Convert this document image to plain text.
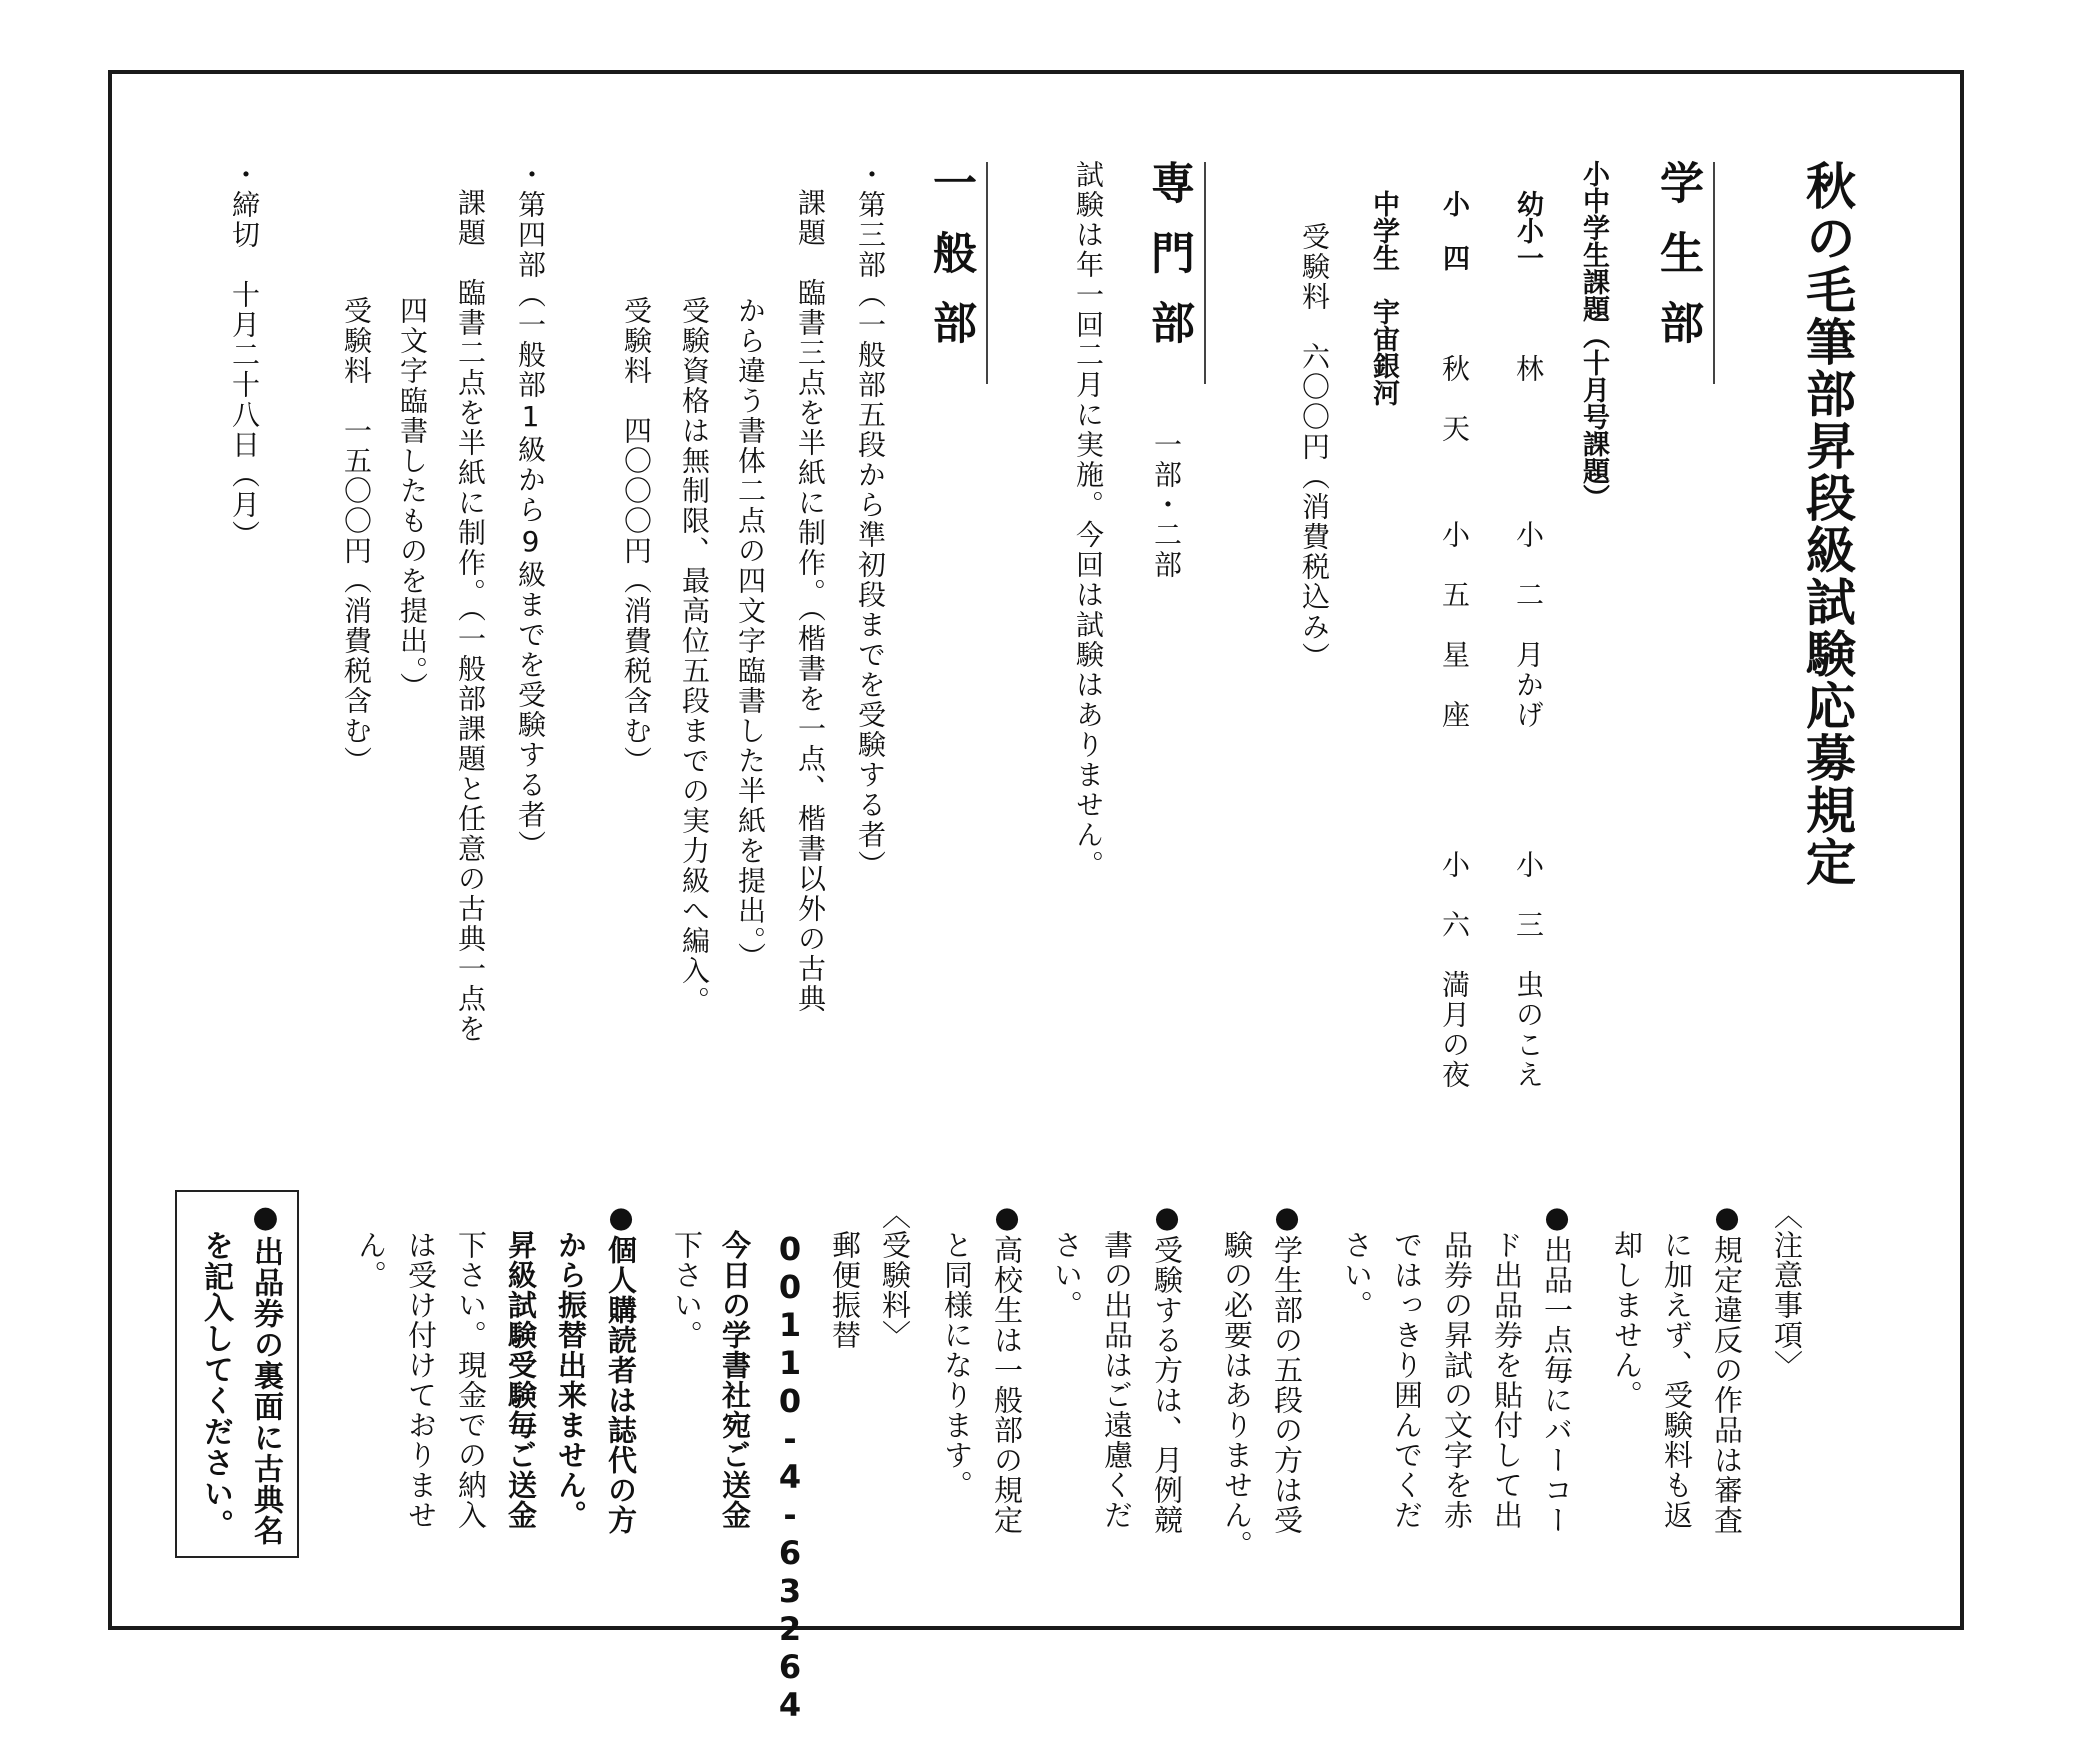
秋の毛筆部昇段級試験応募規定
学生部
小中学生課題（十月号課題）
幼小一
林
小　二　月かげ
小　三　虫のこえ
小　四
秋　天
小　五　星　座
小　六　満月の夜
中学生　宇宙銀河
受験料　六〇〇円（消費税込み）
専門部
一部・二部
試験は年一回二月に実施。今回は試験はありません。
一般部
・第三部（一般部五段から準初段までを受験する者）
課題　臨書三点を半紙に制作。（楷書を一点、楷書以外の古典
から違う書体二点の四文字臨書した半紙を提出。）
受験資格は無制限、最高位五段までの実力級へ編入。
受験料　四〇〇〇円（消費税含む）
・第四部（一般部1級から9級までを受験する者）
課題　臨書二点を半紙に制作。（一般部課題と任意の古典一点を
四文字臨書したものを提出。）
受験料　一五〇〇円（消費税含む）
・締切　十月二十八日（月）
〈注意事項〉
●規定違反の作品は審査
に加えず、受験料も返
却しません。
●出品一点毎にバーコー
ド出品券を貼付して出
品券の昇試の文字を赤
ではっきり囲んでくだ
さい。
●学生部の五段の方は受
験の必要はありません。
●受験する方は、月例競
書の出品はご遠慮くだ
さい。
●高校生は一般部の規定
と同様になります。
〈受験料〉
郵便振替
00110-4-63264
今日の学書社宛ご送金
下さい。
●個人購読者は誌代の方
から振替出来ません。
昇級試験受験毎ご送金
下さい。現金での納入
は受け付けておりませ
ん。
●出品券の裏面に古典名
を記入してください。
